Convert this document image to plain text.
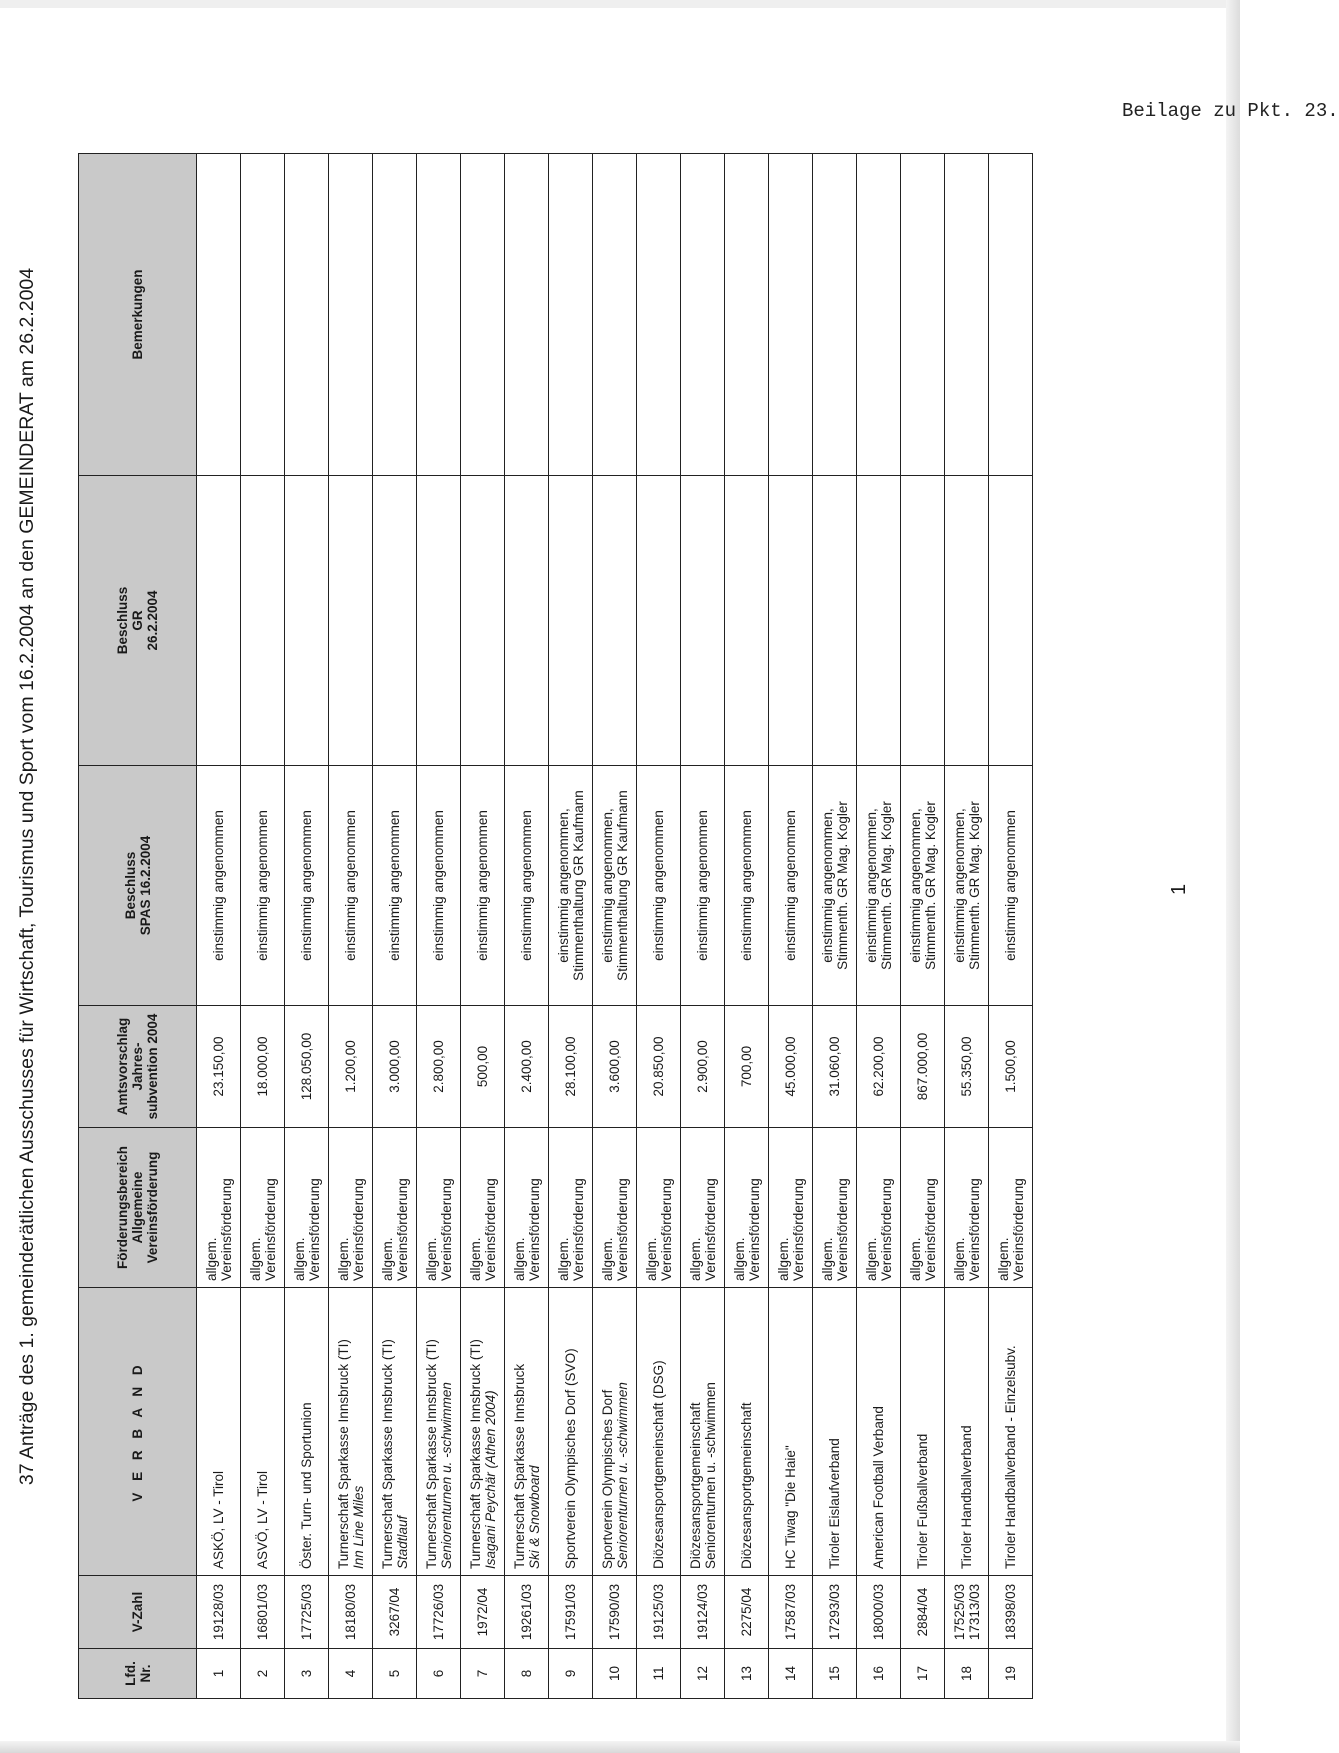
37 Anträge des 1. gemeinderätlichen Ausschusses für Wirtschaft, Tourismus und Sport vom 16.2.2004 an den GEMEINDERAT am 26.2.2004
Lfd. Nr.	V-Zahl	V E R B A N D	Förderungsbereich Allgemeine Vereinsförderung	Amtsvorschlag Jahres- subvention 2004	Beschluss SPAS 16.2.2004	Beschluss GR 26.2.2004	Bemerkungen
1	19128/03	ASKÖ, LV - Tirol	allgem. Vereinsförderung	23.150,00	einstimmig angenommen		

2	16801/03	ASVÖ, LV - Tirol	allgem. Vereinsförderung	18.000,00	einstimmig angenommen		

3	17725/03	Öster. Turn- und Sportunion	allgem. Vereinsförderung	128.050,00	einstimmig angenommen		

4	18180/03	Turnerschaft Sparkasse Innsbruck (TI) Inn Line Miles	allgem. Vereinsförderung	1.200,00	einstimmig angenommen		

5	3267/04	Turnerschaft Sparkasse Innsbruck (TI) Stadtlauf	allgem. Vereinsförderung	3.000,00	einstimmig angenommen		

6	17726/03	Turnerschaft Sparkasse Innsbruck (TI) Seniorenturnen u. -schwimmen	allgem. Vereinsförderung	2.800,00	einstimmig angenommen		

7	1972/04	Turnerschaft Sparkasse Innsbruck (TI) Isagani Peychär (Athen 2004)	allgem. Vereinsförderung	500,00	einstimmig angenommen		

8	19261/03	Turnerschaft Sparkasse Innsbruck Ski & Snowboard	allgem. Vereinsförderung	2.400,00	einstimmig angenommen		

9	17591/03	Sportverein Olympisches Dorf (SVO)	allgem. Vereinsförderung	28.100,00	einstimmig angenommen, Stimmenthaltung GR Kaufmann		

10	17590/03	Sportverein Olympisches Dorf Seniorenturnen u. -schwimmen	allgem. Vereinsförderung	3.600,00	einstimmig angenommen, Stimmenthaltung GR Kaufmann		

11	19125/03	Diözesansportgemeinschaft (DSG)	allgem. Vereinsförderung	20.850,00	einstimmig angenommen		

12	19124/03	Diözesansportgemeinschaft Seniorenturnen u. -schwimmen	allgem. Vereinsförderung	2.900,00	einstimmig angenommen		

13	2275/04	Diözesansportgemeinschaft	allgem. Vereinsförderung	700,00	einstimmig angenommen		

14	17587/03	HC Tiwag "Die Haie"	allgem. Vereinsförderung	45.000,00	einstimmig angenommen		

15	17293/03	Tiroler Eislaufverband	allgem. Vereinsförderung	31.060,00	einstimmig angenommen, Stimmenth. GR Mag. Kogler		

16	18000/03	American Football Verband	allgem. Vereinsförderung	62.200,00	einstimmig angenommen, Stimmenth. GR Mag. Kogler		

17	2884/04	Tiroler Fußballverband	allgem. Vereinsförderung	867.000,00	einstimmig angenommen, Stimmenth. GR Mag. Kogler		

18	17525/03 17313/03	Tiroler Handballverband	allgem. Vereinsförderung	55.350,00	einstimmig angenommen, Stimmenth. GR Mag. Kogler		

19	18398/03	Tiroler Handballverband - Einzelsubv.	allgem. Vereinsförderung	1.500,00	einstimmig angenommen		
			1
Beilage zu Pkt. 23.
